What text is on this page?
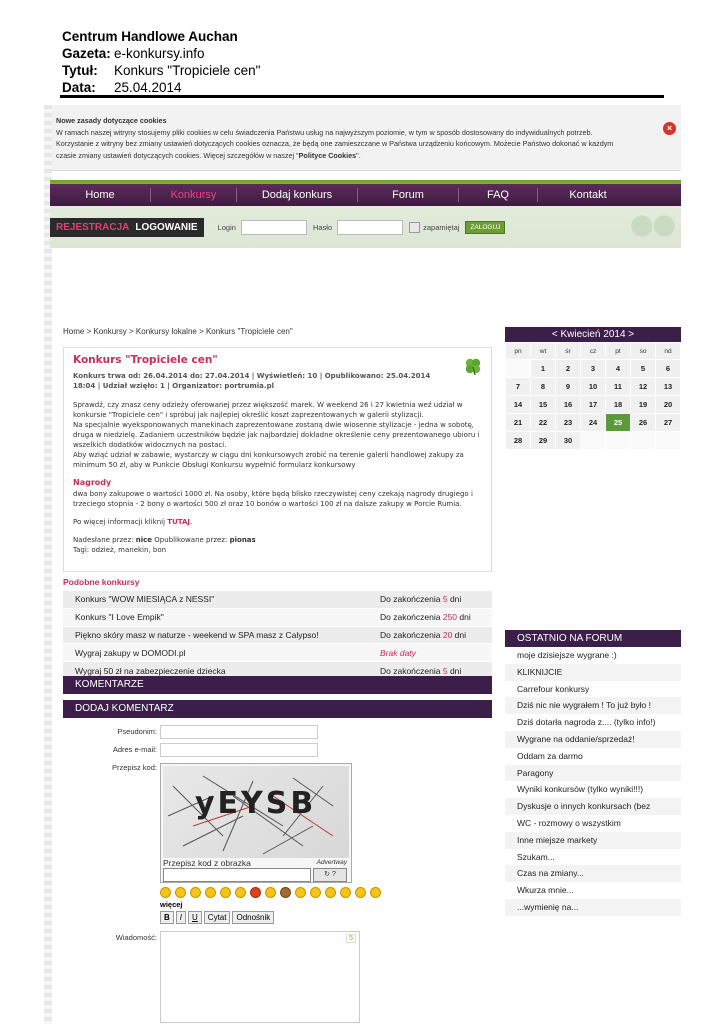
Centrum Handlowe Auchan
Gazeta: e-konkursy.info
Tytuł:	Konkurs "Tropiciele cen"
Data:	25.04.2014
Nowe zasady dotyczące cookies
W ramach naszej witryny stosujemy pliki cookies w celu świadczenia Państwu usług na najwyższym poziomie, w tym w sposób dostosowany do indywidualnych potrzeb.
Korzystanie z witryny bez zmiany ustawień dotyczących cookies oznacza, że będą one zamieszczane w Państwa urządzeniu końcowym. Możecie Państwo dokonać w każdym
czasie zmiany ustawień dotyczących cookies. Więcej szczegółów w naszej "Polityce Cookies".
×
Home	Konkursy	Dodaj konkurs	Forum	FAQ	Kontakt
REJESTRACJA LOGOWANIE	Login	Hasło	zapamiętaj	ZALOGUJ
Home > Konkursy > Konkursy lokalne > Konkurs "Tropiciele cen"
Konkurs "Tropiciele cen"
Konkurs trwa od: 26.04.2014 do: 27.04.2014 | Wyświetleń: 10 | Opublikowano: 25.04.2014
18:04 | Udział wzięło: 1 | Organizator: portrumia.pl

Sprawdź, czy znasz ceny odzieży oferowanej przez większość marek. W weekend 26 i 27 kwietnia weź udział w konkursie "Tropiciele cen" i spróbuj jak najlepiej określić koszt zaprezentowanych w galerii stylizacji.

Na specjalnie wyeksponowanych manekinach zaprezentowane zostaną dwie wiosenne stylizacje - jedna w sobotę, druga w niedzielę. Zadaniem uczestników będzie jak najbardziej dokładne określenie ceny prezentowanego ubioru i wszelkich dodatków widocznych na postaci.

Aby wziąć udział w zabawie, wystarczy w ciągu dni konkursowych zrobić na terenie galerii handlowej zakupy za minimum 50 zł, aby w Punkcie Obsługi Konkursu wypełnić formularz konkursowy

Nagrody

dwa bony zakupowe o wartości 1000 zł. Na osoby, które będą blisko rzeczywistej ceny czekają nagrody drugiego i trzeciego stopnia - 2 bony o wartości 500 zł oraz 10 bonów o wartości 100 zł na dalsze zakupy w Porcie Rumia.

Po więcej informacji kliknij TUTAJ.

Nadesłane przez: nice Opublikowane przez: pionas
Tagi: odzież, manekin, bon
Podobne konkursy
Konkurs "WOW MIESIĄCA z NESSI"	Do zakończenia 5 dni
Konkurs "I Love Empik"	Do zakończenia 250 dni
Piękno skóry masz w naturze - weekend w SPA masz z Calypso!	Do zakończenia 20 dni
Wygraj zakupy w DOMODI.pl	Brak daty
Wygraj 50 zł na zabezpieczenie dziecka	Do zakończenia 5 dni
KOMENTARZE
DODAJ KOMENTARZ
Pseudonim:
Adres e-mail:
Przepisz kod:
yEYSB
Przepisz kod z obrazka	Advertway
↻ ?
więcej
B	I	U	Cytat	Odnośnik
Wiadomość:	5
< Kwiecień 2014 >
pn	wt	śr	cz	pt	so	nd
	1	2	3	4	5	6
7	8	9	10	11	12	13
14	15	16	17	18	19	20
21	22	23	24	25	26	27
28	29	30				
OSTATNIO NA FORUM
moje dzisiejsze wygrane :)
KLIKNIJCIE
Carrefour konkursy
Dziś nic nie wygrałem ! To już było !
Dziś dotarła nagroda z.... (tylko info!)
Wygrane na oddanie/sprzedaż!
Oddam za darmo
Paragony
Wyniki konkursów (tylko wyniki!!!)
Dyskusje o innych konkursach (bez
WC - rozmowy o wszystkim
Inne miejsze markety
Szukam...
Czas na zmiany...
Wkurza mnie...
...wymienię na...
